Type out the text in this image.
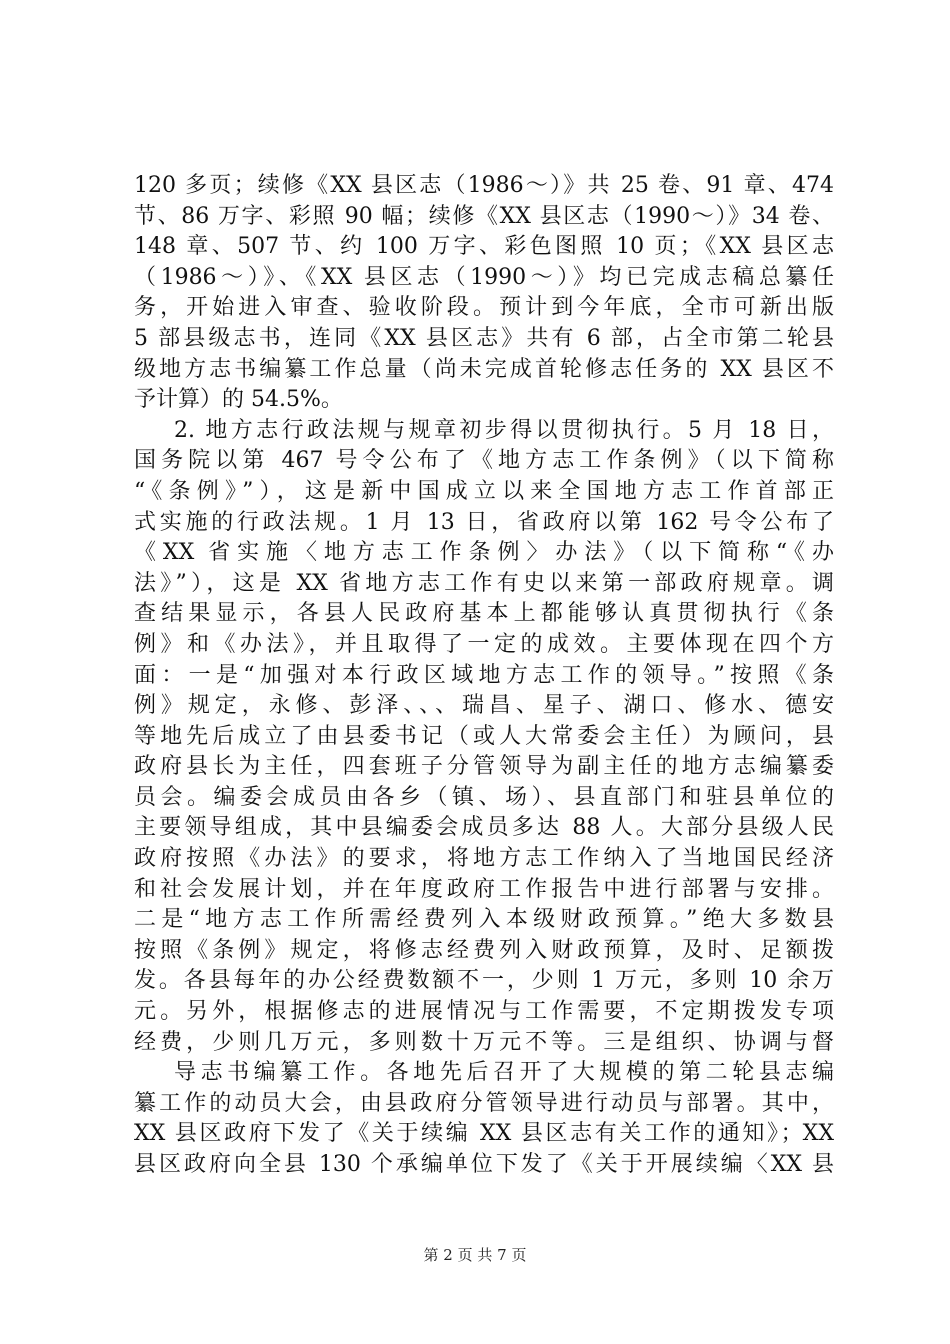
120 多页；续修《XX 县区志（1986～）》共 25 卷、91 章、474
节、86 万字、彩照 90 幅；续修《XX 县区志（1990～）》34 卷、
148 章、507 节、约 100 万字、彩色图照 10 页；《XX 县区志
（1986～）》、《XX 县区志（1990～）》均已完成志稿总纂任
务，开始进入审查、验收阶段。预计到今年底，全市可新出版
5 部县级志书，连同《XX 县区志》共有 6 部，占全市第二轮县
级地方志书编纂工作总量（尚未完成首轮修志任务的 XX 县区不
予计算）的 54.5%。
2. 地方志行政法规与规章初步得以贯彻执行。5 月 18 日，
国务院以第 467 号令公布了《地方志工作条例》（以下简称
“《条例》”），这是新中国成立以来全国地方志工作首部正
式实施的行政法规。1 月 13 日，省政府以第 162 号令公布了
《XX 省实施〈地方志工作条例〉办法》（以下简称“《办
法》”），这是 XX 省地方志工作有史以来第一部政府规章。调
查结果显示，各县人民政府基本上都能够认真贯彻执行《条
例》和《办法》，并且取得了一定的成效。主要体现在四个方
面：一是“加强对本行政区域地方志工作的领导。”按照《条
例》规定，永修、彭泽、、、瑞昌、星子、湖口、修水、德安
等地先后成立了由县委书记（或人大常委会主任）为顾问，县
政府县长为主任，四套班子分管领导为副主任的地方志编纂委
员会。编委会成员由各乡（镇、场）、县直部门和驻县单位的
主要领导组成，其中县编委会成员多达 88 人。大部分县级人民
政府按照《办法》的要求，将地方志工作纳入了当地国民经济
和社会发展计划，并在年度政府工作报告中进行部署与安排。
二是“地方志工作所需经费列入本级财政预算。”绝大多数县
按照《条例》规定，将修志经费列入财政预算，及时、足额拨
发。各县每年的办公经费数额不一，少则 1 万元，多则 10 余万
元。另外，根据修志的进展情况与工作需要，不定期拨发专项
经费，少则几万元，多则数十万元不等。三是组织、协调与督
导志书编纂工作。各地先后召开了大规模的第二轮县志编
纂工作的动员大会，由县政府分管领导进行动员与部署。其中，
XX 县区政府下发了《关于续编 XX 县区志有关工作的通知》；XX
县区政府向全县 130 个承编单位下发了《关于开展续编〈XX 县
第 2 页 共 7 页
